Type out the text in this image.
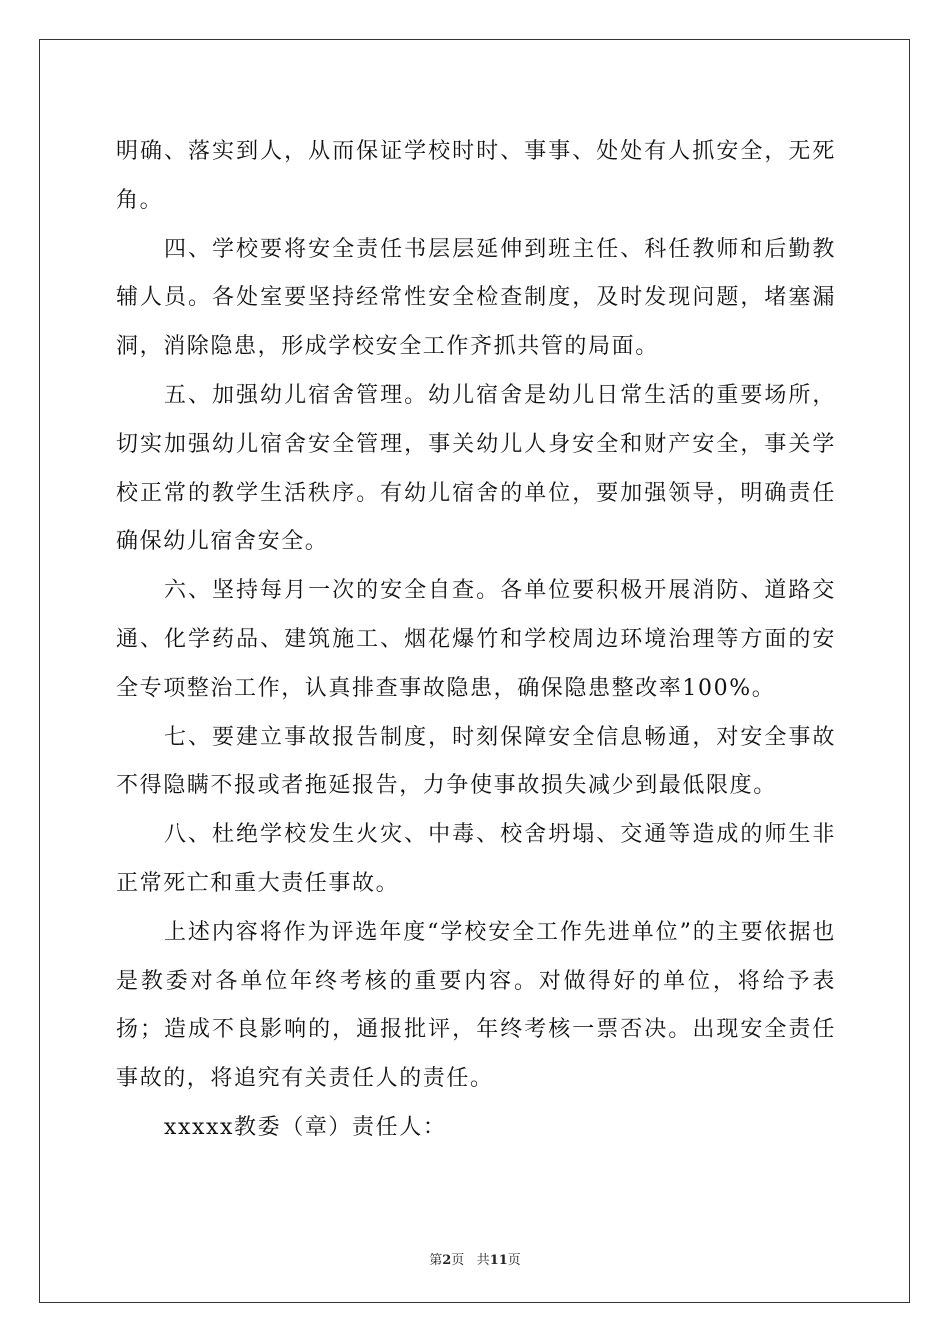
明确、落实到人，从而保证学校时时、事事、处处有人抓安全，无死角。

四、学校要将安全责任书层层延伸到班主任、科任教师和后勤教辅人员。各处室要坚持经常性安全检查制度，及时发现问题，堵塞漏洞，消除隐患，形成学校安全工作齐抓共管的局面。

五、加强幼儿宿舍管理。幼儿宿舍是幼儿日常生活的重要场所，切实加强幼儿宿舍安全管理，事关幼儿人身安全和财产安全，事关学校正常的教学生活秩序。有幼儿宿舍的单位，要加强领导，明确责任确保幼儿宿舍安全。

六、坚持每月一次的安全自查。各单位要积极开展消防、道路交通、化学药品、建筑施工、烟花爆竹和学校周边环境治理等方面的安全专项整治工作，认真排查事故隐患，确保隐患整改率100%。

七、要建立事故报告制度，时刻保障安全信息畅通，对安全事故不得隐瞒不报或者拖延报告，力争使事故损失减少到最低限度。

八、杜绝学校发生火灾、中毒、校舍坍塌、交通等造成的师生非正常死亡和重大责任事故。

上述内容将作为评选年度“学校安全工作先进单位”的主要依据也是教委对各单位年终考核的重要内容。对做得好的单位，将给予表扬；造成不良影响的，通报批评，年终考核一票否决。出现安全责任事故的，将追究有关责任人的责任。

xxxxx教委（章）责任人：

第2页 共11页
